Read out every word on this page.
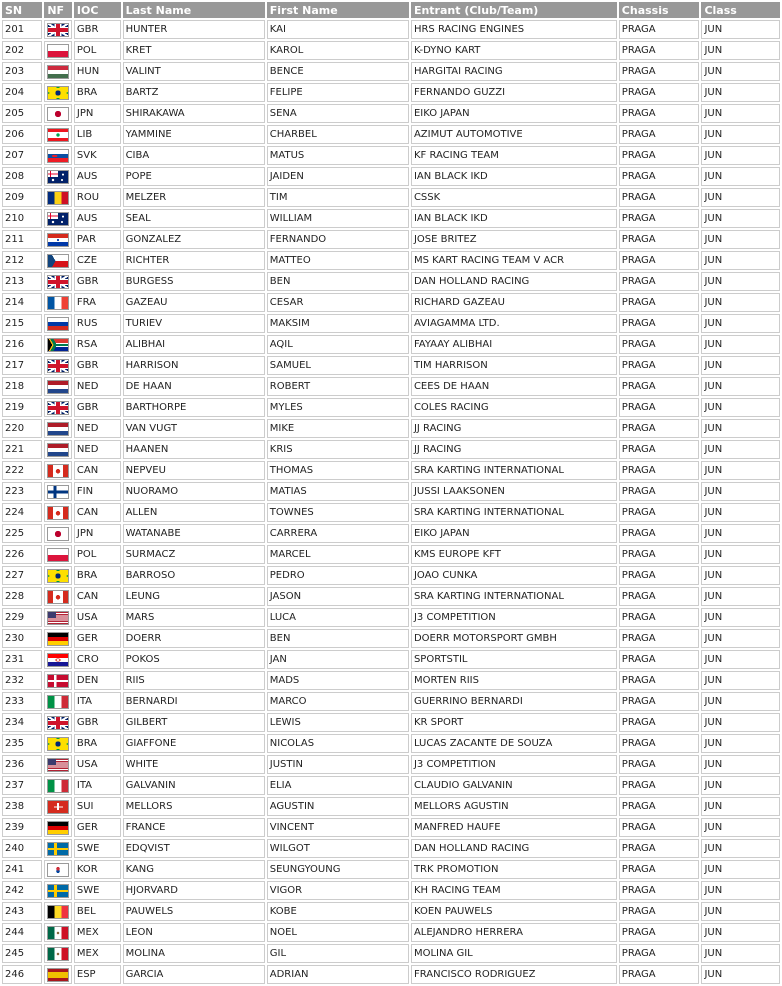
SN	NF	IOC	Last Name	First Name	Entrant (Club/Team)	Chassis	Class
201		GBR	HUNTER	KAI	HRS RACING ENGINES	PRAGA	JUN
202		POL	KRET	KAROL	K-DYNO KART	PRAGA	JUN
203		HUN	VALINT	BENCE	HARGITAI RACING	PRAGA	JUN
204		BRA	BARTZ	FELIPE	FERNANDO GUZZI	PRAGA	JUN
205		JPN	SHIRAKAWA	SENA	EIKO JAPAN	PRAGA	JUN
206		LIB	YAMMINE	CHARBEL	AZIMUT AUTOMOTIVE	PRAGA	JUN
207		SVK	CIBA	MATUS	KF RACING TEAM	PRAGA	JUN
208		AUS	POPE	JAIDEN	IAN BLACK IKD	PRAGA	JUN
209		ROU	MELZER	TIM	CSSK	PRAGA	JUN
210		AUS	SEAL	WILLIAM	IAN BLACK IKD	PRAGA	JUN
211		PAR	GONZALEZ	FERNANDO	JOSE BRITEZ	PRAGA	JUN
212		CZE	RICHTER	MATTEO	MS KART RACING TEAM V ACR	PRAGA	JUN
213		GBR	BURGESS	BEN	DAN HOLLAND RACING	PRAGA	JUN
214		FRA	GAZEAU	CESAR	RICHARD GAZEAU	PRAGA	JUN
215		RUS	TURIEV	MAKSIM	AVIAGAMMA LTD.	PRAGA	JUN
216		RSA	ALIBHAI	AQIL	FAYAAY ALIBHAI	PRAGA	JUN
217		GBR	HARRISON	SAMUEL	TIM HARRISON	PRAGA	JUN
218		NED	DE HAAN	ROBERT	CEES DE HAAN	PRAGA	JUN
219		GBR	BARTHORPE	MYLES	COLES RACING	PRAGA	JUN
220		NED	VAN VUGT	MIKE	JJ RACING	PRAGA	JUN
221		NED	HAANEN	KRIS	JJ RACING	PRAGA	JUN
222		CAN	NEPVEU	THOMAS	SRA KARTING INTERNATIONAL	PRAGA	JUN
223		FIN	NUORAMO	MATIAS	JUSSI LAAKSONEN	PRAGA	JUN
224		CAN	ALLEN	TOWNES	SRA KARTING INTERNATIONAL	PRAGA	JUN
225		JPN	WATANABE	CARRERA	EIKO JAPAN	PRAGA	JUN
226		POL	SURMACZ	MARCEL	KMS EUROPE KFT	PRAGA	JUN
227		BRA	BARROSO	PEDRO	JOAO CUNKA	PRAGA	JUN
228		CAN	LEUNG	JASON	SRA KARTING INTERNATIONAL	PRAGA	JUN
229		USA	MARS	LUCA	J3 COMPETITION	PRAGA	JUN
230		GER	DOERR	BEN	DOERR MOTORSPORT GMBH	PRAGA	JUN
231		CRO	POKOS	JAN	SPORTSTIL	PRAGA	JUN
232		DEN	RIIS	MADS	MORTEN RIIS	PRAGA	JUN
233		ITA	BERNARDI	MARCO	GUERRINO BERNARDI	PRAGA	JUN
234		GBR	GILBERT	LEWIS	KR SPORT	PRAGA	JUN
235		BRA	GIAFFONE	NICOLAS	LUCAS ZACANTE DE SOUZA	PRAGA	JUN
236		USA	WHITE	JUSTIN	J3 COMPETITION	PRAGA	JUN
237		ITA	GALVANIN	ELIA	CLAUDIO GALVANIN	PRAGA	JUN
238		SUI	MELLORS	AGUSTIN	MELLORS AGUSTIN	PRAGA	JUN
239		GER	FRANCE	VINCENT	MANFRED HAUFE	PRAGA	JUN
240		SWE	EDQVIST	WILGOT	DAN HOLLAND RACING	PRAGA	JUN
241		KOR	KANG	SEUNGYOUNG	TRK PROMOTION	PRAGA	JUN
242		SWE	HJORVARD	VIGOR	KH RACING TEAM	PRAGA	JUN
243		BEL	PAUWELS	KOBE	KOEN PAUWELS	PRAGA	JUN
244		MEX	LEON	NOEL	ALEJANDRO HERRERA	PRAGA	JUN
245		MEX	MOLINA	GIL	MOLINA GIL	PRAGA	JUN
246		ESP	GARCIA	ADRIAN	FRANCISCO RODRIGUEZ	PRAGA	JUN
